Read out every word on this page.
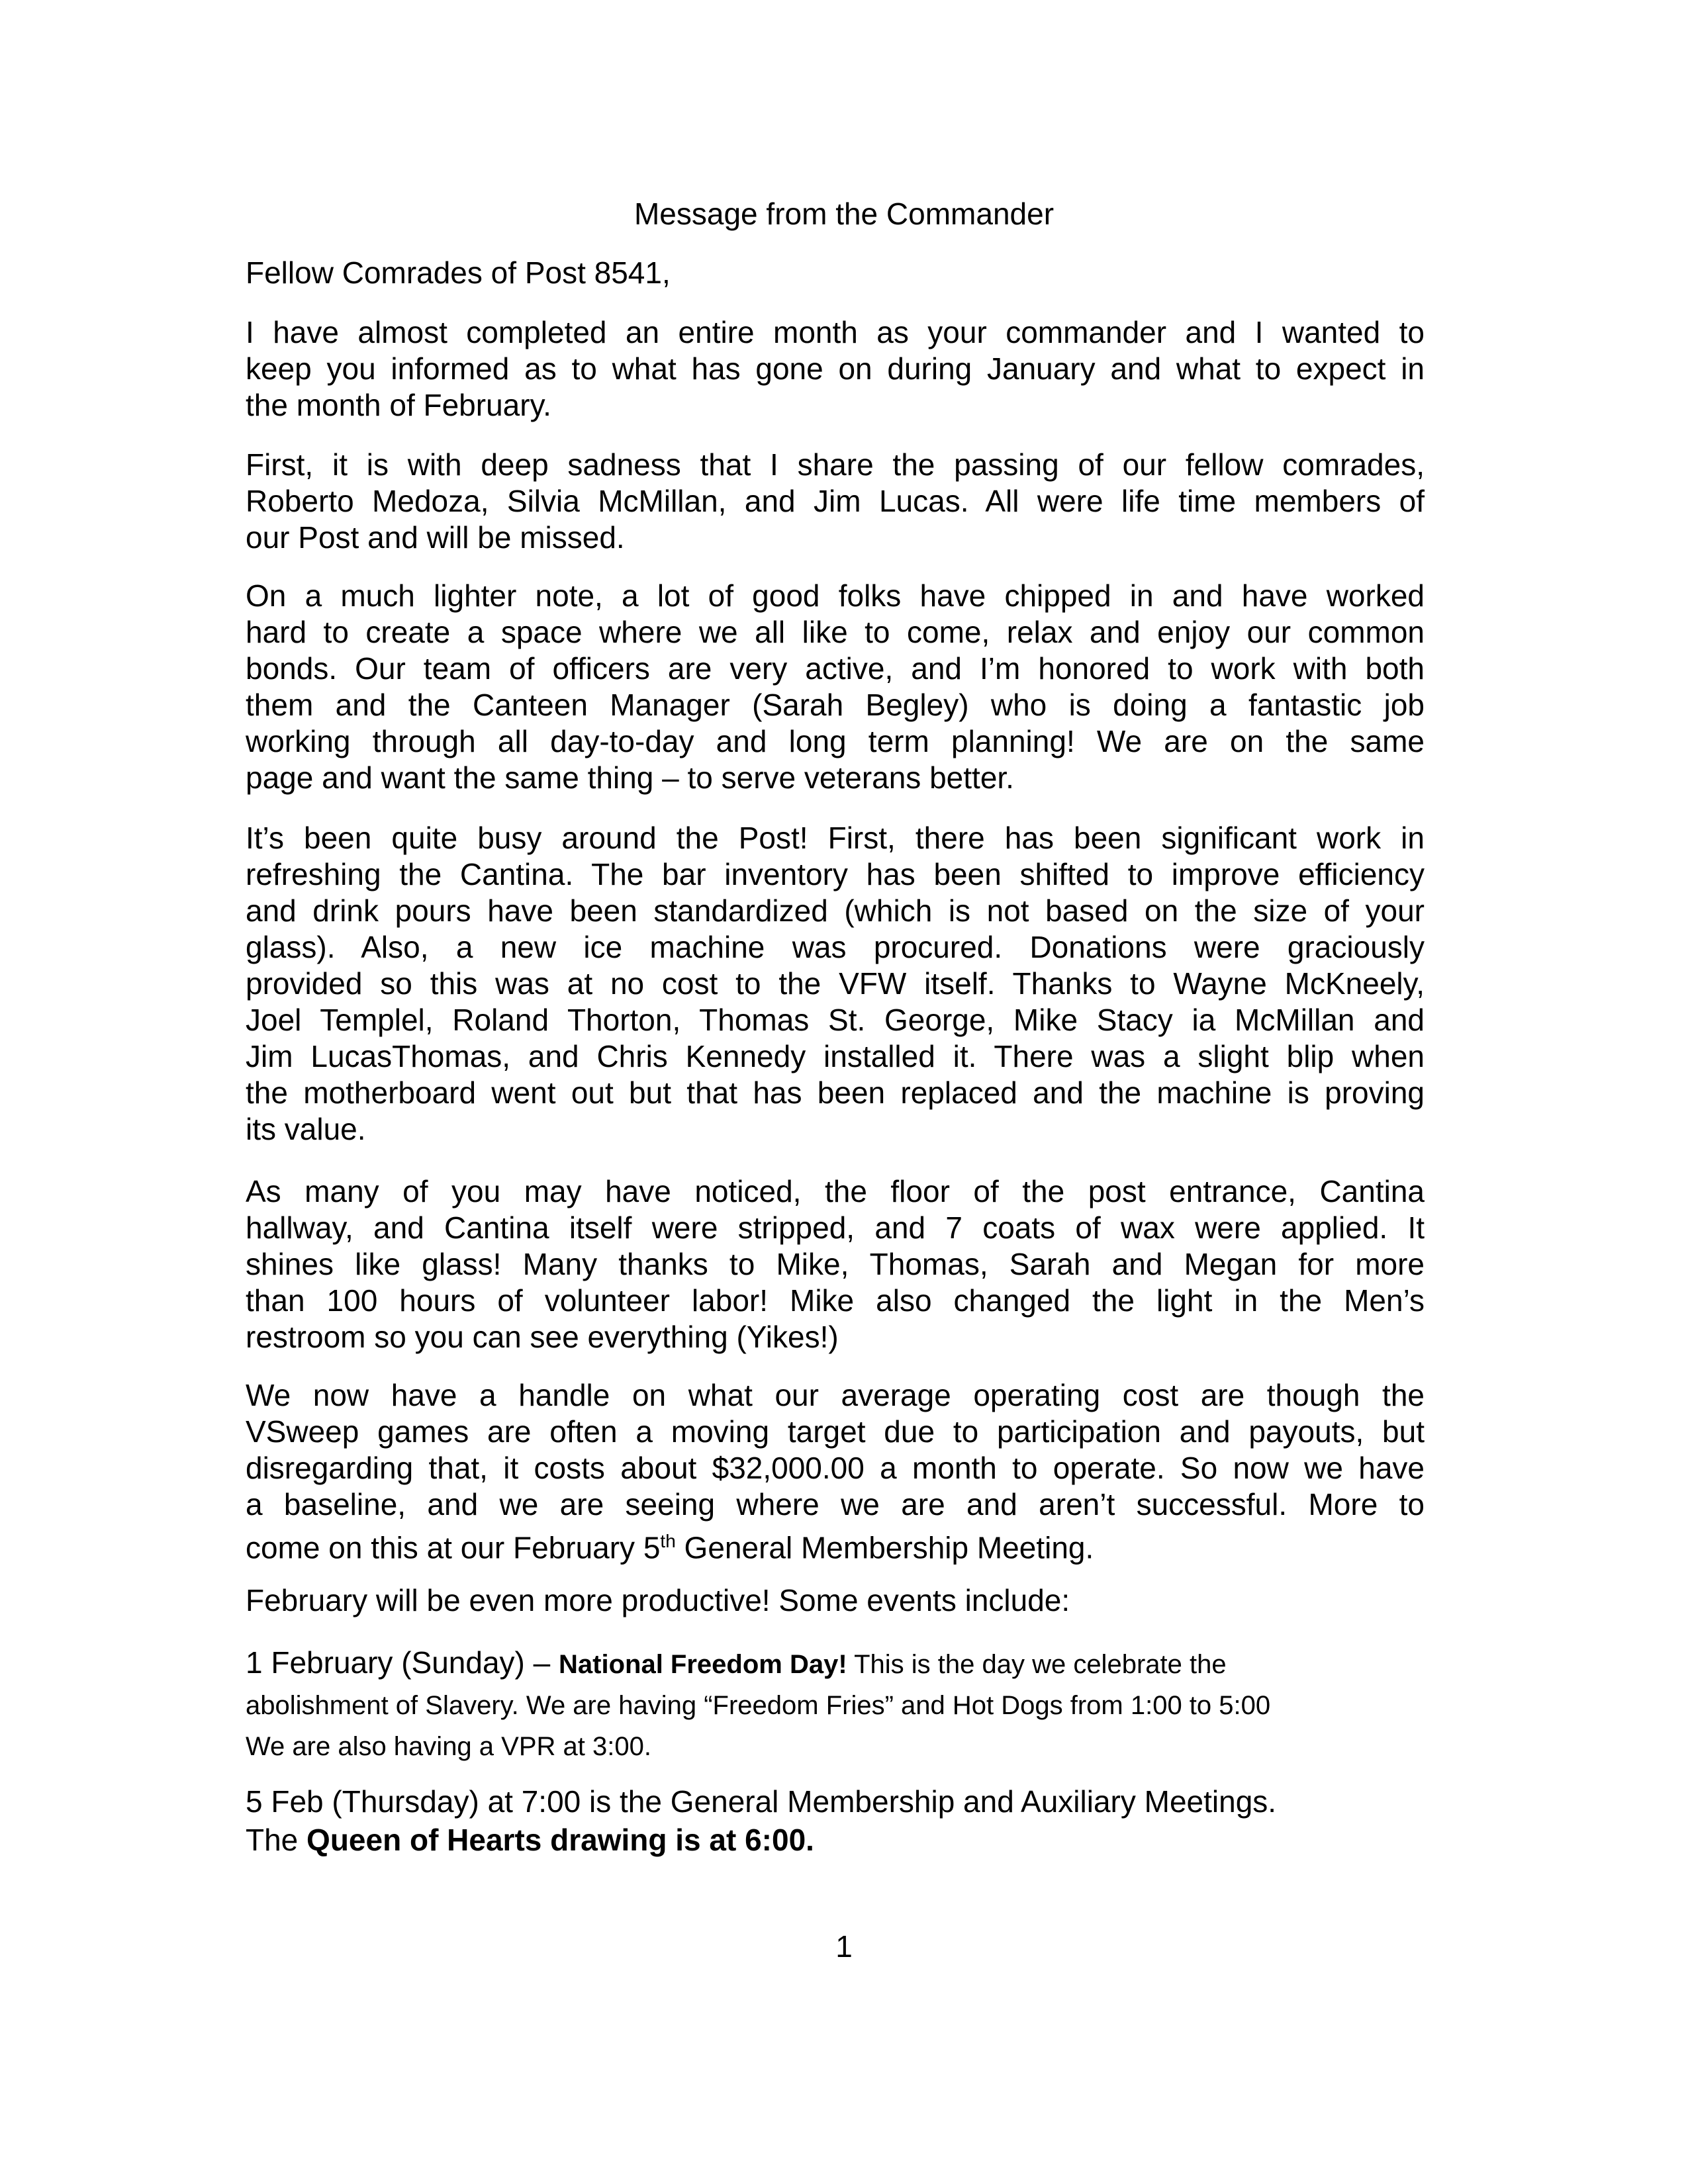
Message from the Commander
Fellow Comrades of Post 8541,
I have almost completed an entire month as your commander and I wanted to
keep you informed as to what has gone on during January and what to expect in
the month of February.
First, it is with deep sadness that I share the passing of our fellow comrades,
Roberto Medoza, Silvia McMillan, and Jim Lucas. All were life time members of
our Post and will be missed.
On a much lighter note, a lot of good folks have chipped in and have worked
hard to create a space where we all like to come, relax and enjoy our common
bonds. Our team of officers are very active, and I’m honored to work with both
them and the Canteen Manager (Sarah Begley) who is doing a fantastic job
working through all day-to-day and long term planning! We are on the same
page and want the same thing – to serve veterans better.
It’s been quite busy around the Post! First, there has been significant work in
refreshing the Cantina. The bar inventory has been shifted to improve efficiency
and drink pours have been standardized (which is not based on the size of your
glass). Also, a new ice machine was procured. Donations were graciously
provided so this was at no cost to the VFW itself. Thanks to Wayne McKneely,
Joel Templel, Roland Thorton, Thomas St. George, Mike Stacy ia McMillan and
Jim LucasThomas, and Chris Kennedy installed it. There was a slight blip when
the motherboard went out but that has been replaced and the machine is proving
its value.
As many of you may have noticed, the floor of the post entrance, Cantina
hallway, and Cantina itself were stripped, and 7 coats of wax were applied. It
shines like glass! Many thanks to Mike, Thomas, Sarah and Megan for more
than 100 hours of volunteer labor! Mike also changed the light in the Men’s
restroom so you can see everything (Yikes!)
We now have a handle on what our average operating cost are though the
VSweep games are often a moving target due to participation and payouts, but
disregarding that, it costs about $32,000.00 a month to operate. So now we have
a baseline, and we are seeing where we are and aren’t successful. More to
come on this at our February 5th General Membership Meeting.
February will be even more productive! Some events include:
1 February (Sunday) – National Freedom Day! This is the day we celebrate the
abolishment of Slavery. We are having “Freedom Fries” and Hot Dogs from 1:00 to 5:00
We are also having a VPR at 3:00.
5 Feb (Thursday) at 7:00 is the General Membership and Auxiliary Meetings.
The Queen of Hearts drawing is at 6:00.
1
